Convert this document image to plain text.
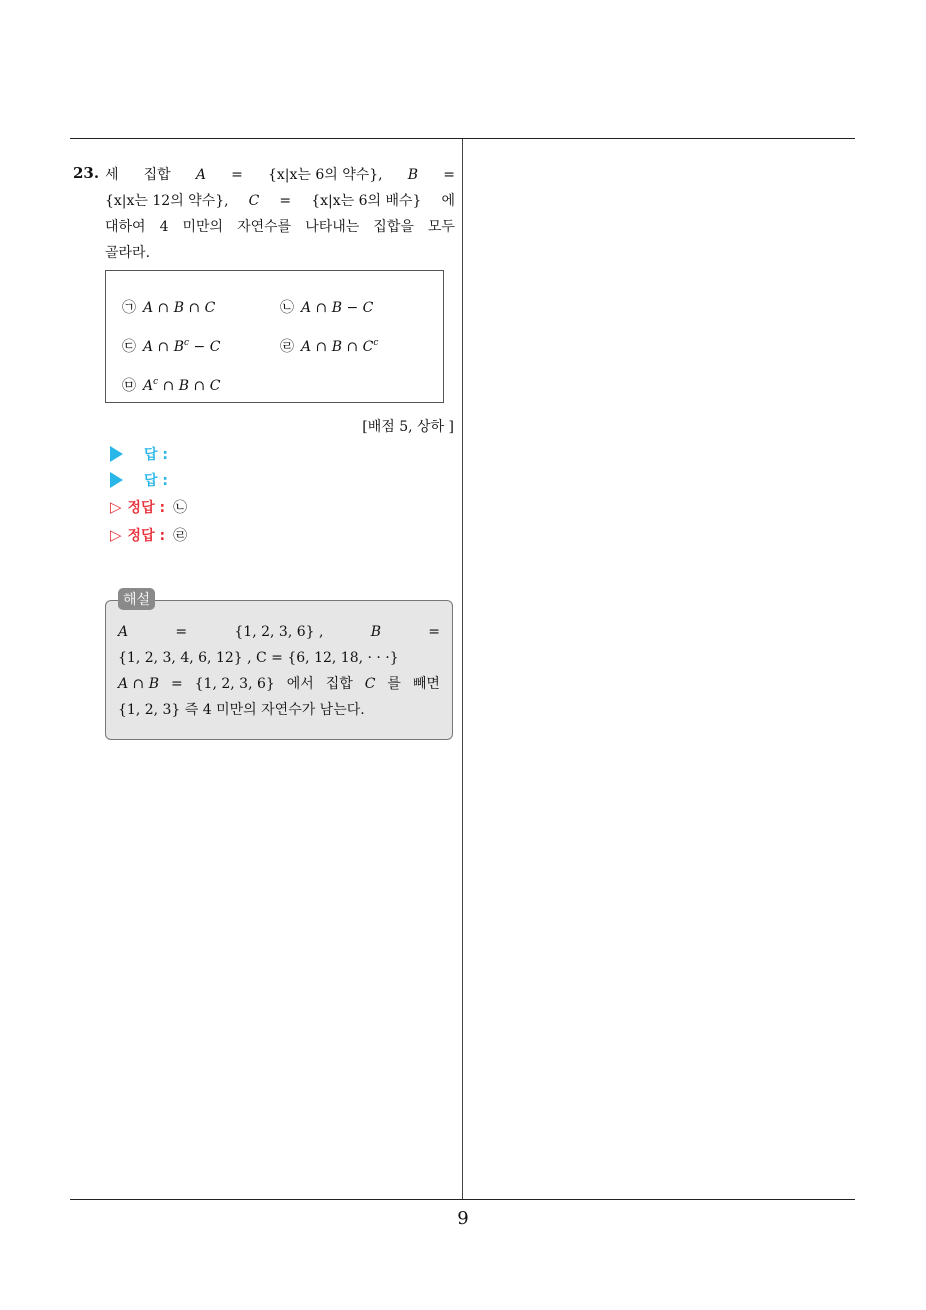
23. 세 집합 A = {x|x는 6의 약수}, B =
{x|x는 12의 약수}, C = {x|x는 6의 배수} 에
대하여 4 미만의 자연수를 나타내는 집합을 모두
골라라.
㉠ A ∩ B ∩ C	㉡ A ∩ B − C
㉢ A ∩ $B^c - C$	㉣ A ∩ B ∩ $C^c$
㉤ $A^c$ ∩ B ∩ C
[배점 5, 상하 ]
답 :
답 :
▷ 정답 : ㉡
▷ 정답 : ㉣
해설
A	=	{1, 2, 3, 6} ,	B	=
{1, 2, 3, 4, 6, 12} , C = {6, 12, 18, · · ·}
A ∩ B = {1, 2, 3, 6} 에서 집합 C 를 빼면
{1, 2, 3} 즉 4 미만의 자연수가 남는다.
9
